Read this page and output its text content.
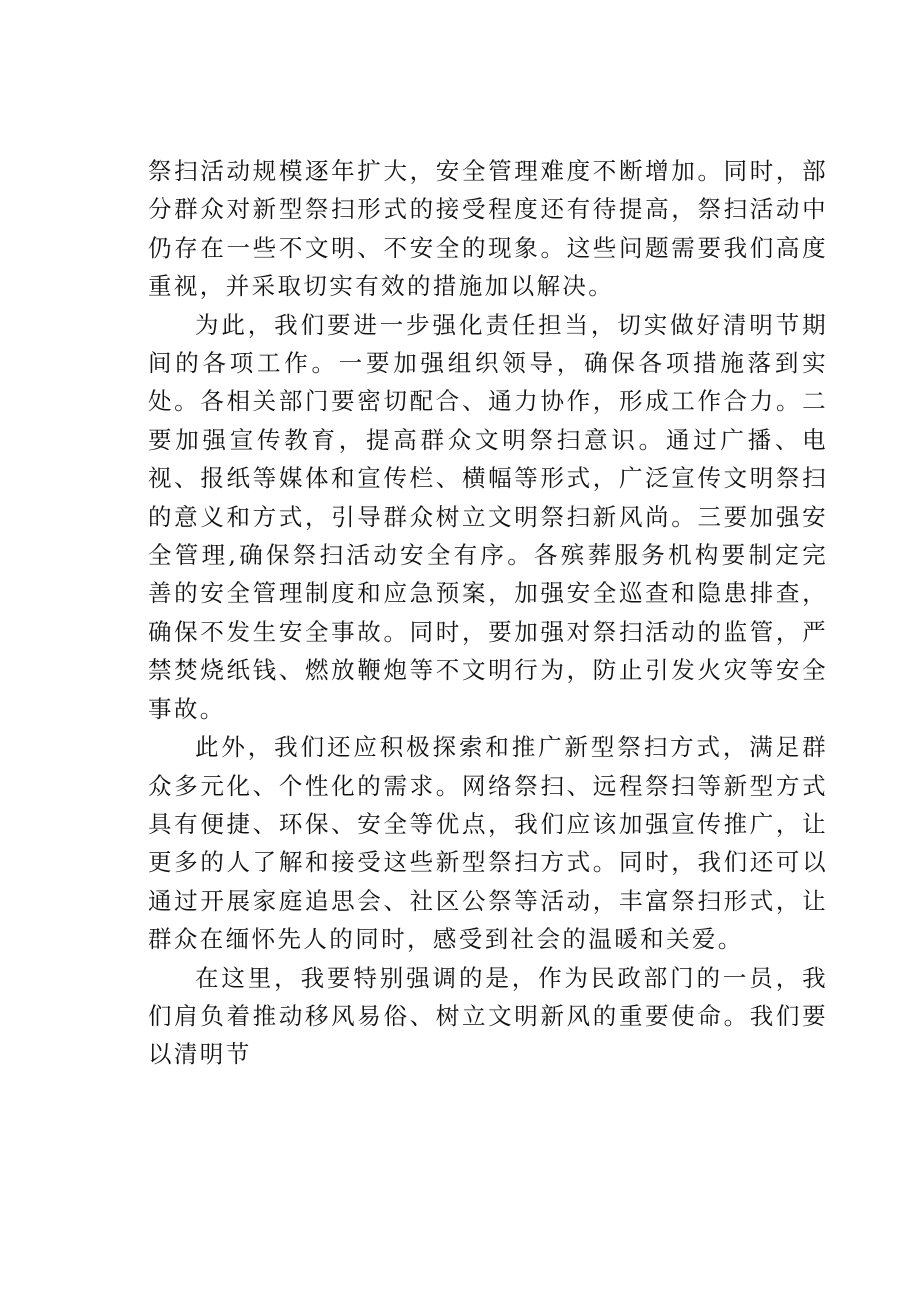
祭扫活动规模逐年扩大，安全管理难度不断增加。同时，部分群众对新型祭扫形式的接受程度还有待提高，祭扫活动中仍存在一些不文明、不安全的现象。这些问题需要我们高度重视，并采取切实有效的措施加以解决。

为此，我们要进一步强化责任担当，切实做好清明节期间的各项工作。一要加强组织领导，确保各项措施落到实处。各相关部门要密切配合、通力协作，形成工作合力。二要加强宣传教育，提高群众文明祭扫意识。通过广播、电视、报纸等媒体和宣传栏、横幅等形式，广泛宣传文明祭扫的意义和方式，引导群众树立文明祭扫新风尚。三要加强安全管理,确保祭扫活动安全有序。各殡葬服务机构要制定完善的安全管理制度和应急预案，加强安全巡查和隐患排查，确保不发生安全事故。同时，要加强对祭扫活动的监管，严禁焚烧纸钱、燃放鞭炮等不文明行为，防止引发火灾等安全事故。

此外，我们还应积极探索和推广新型祭扫方式，满足群众多元化、个性化的需求。网络祭扫、远程祭扫等新型方式具有便捷、环保、安全等优点，我们应该加强宣传推广，让更多的人了解和接受这些新型祭扫方式。同时，我们还可以通过开展家庭追思会、社区公祭等活动，丰富祭扫形式，让群众在缅怀先人的同时，感受到社会的温暖和关爱。

在这里，我要特别强调的是，作为民政部门的一员，我们肩负着推动移风易俗、树立文明新风的重要使命。我们要以清明节
